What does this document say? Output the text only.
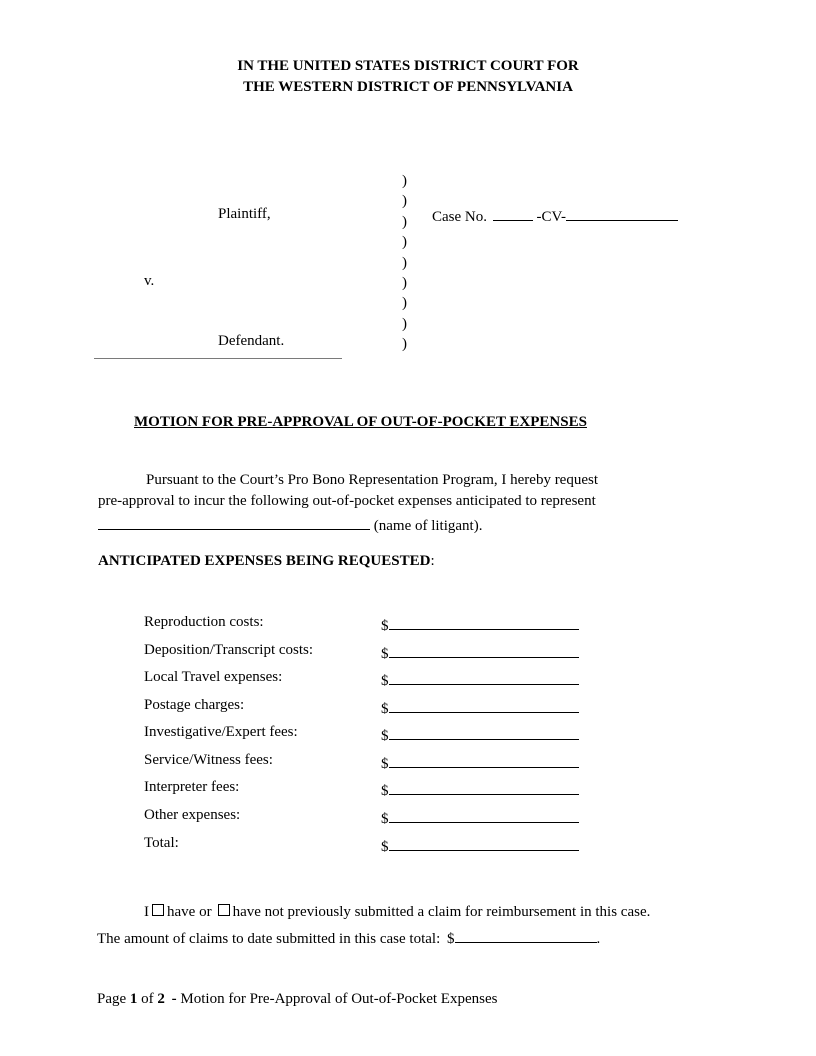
IN THE UNITED STATES DISTRICT COURT FOR
THE WESTERN DISTRICT OF PENNSYLVANIA
Plaintiff,
v.
Defendant.
)
)
)
)
)
)
)
)
)
Case No.	-CV-
MOTION FOR PRE-APPROVAL OF OUT-OF-POCKET EXPENSES
Pursuant to the Court’s Pro Bono Representation Program, I hereby request
pre-approval to incur the following out-of-pocket expenses anticipated to represent
(name of litigant).
ANTICIPATED EXPENSES BEING REQUESTED:
Reproduction costs:	$
Deposition/Transcript costs:	$
Local Travel expenses:	$
Postage charges:	$
Investigative/Expert fees:	$
Service/Witness fees:	$
Interpreter fees:	$
Other expenses:	$
Total:	$
I have or have not previously submitted a claim for reimbursement in this case.
The amount of claims to date submitted in this case total: $	.
Page 1 of 2 - Motion for Pre-Approval of Out-of-Pocket Expenses
